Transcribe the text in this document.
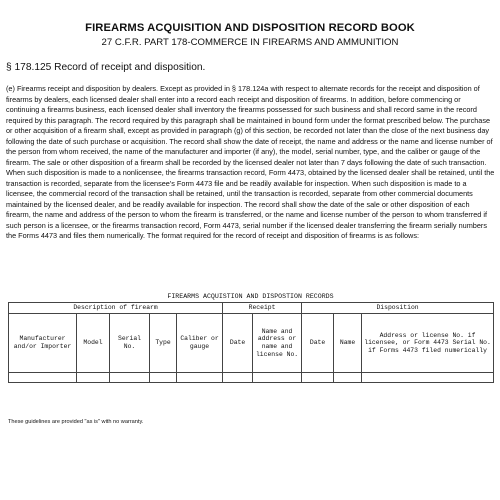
FIREARMS ACQUISITION AND DISPOSITION RECORD BOOK
27 C.F.R. PART 178-COMMERCE IN FIREARMS AND AMMUNITION
§ 178.125 Record of receipt and disposition.
(e) Firearms receipt and disposition by dealers. Except as provided in § 178.124a with respect to alternate records for the receipt and disposition of firearms by dealers, each licensed dealer shall enter into a record each receipt and disposition of firearms. In addition, before commencing or continuing a firearms business, each licensed dealer shall inventory the firearms possessed for such business and shall record same in the record required by this paragraph. The record required by this paragraph shall be maintained in bound form under the format prescribed below. The purchase or other acquisition of a firearm shall, except as provided in paragraph (g) of this section, be recorded not later than the close of the next business day following the date of such purchase or acquisition. The record shall show the date of receipt, the name and address or the name and license number of the person from whom received, the name of the manufacturer and importer (if any), the model, serial number, type, and the caliber or gauge of the firearm. The sale or other disposition of a firearm shall be recorded by the licensed dealer not later than 7 days following the date of such transaction. When such disposition is made to a nonlicensee, the firearms transaction record, Form 4473, obtained by the licensed dealer shall be retained, until the transaction is recorded, separate from the licensee's Form 4473 file and be readily available for inspection. When such disposition is made to a licensee, the commercial record of the transaction shall be retained, until the transaction is recorded, separate from other commercial documents maintained by the licensed dealer, and be readily available for inspection. The record shall show the date of the sale or other disposition of each firearm, the name and address of the person to whom the firearm is transferred, or the name and license number of the person to whom transferred if such person is a licensee, or the firearms transaction record, Form 4473, serial number if the licensed dealer transferring the firearm serially numbers the Forms 4473 and files them numerically. The format required for the record of receipt and disposition of firearms is as follows:
FIREARMS ACQUISTION AND DISPOSTION RECORDS
Description of firearm					Receipt		Disposition		
Manufacturer and/or Importer	Model	Serial No.	Type	Caliber or gauge	Date	Name and address or name and license No.	Date	Name	Address or license No. if licensee, or Form 4473 Serial No. if Forms 4473 filed numerically

These guidelines are provided "as is" with no warranty.
